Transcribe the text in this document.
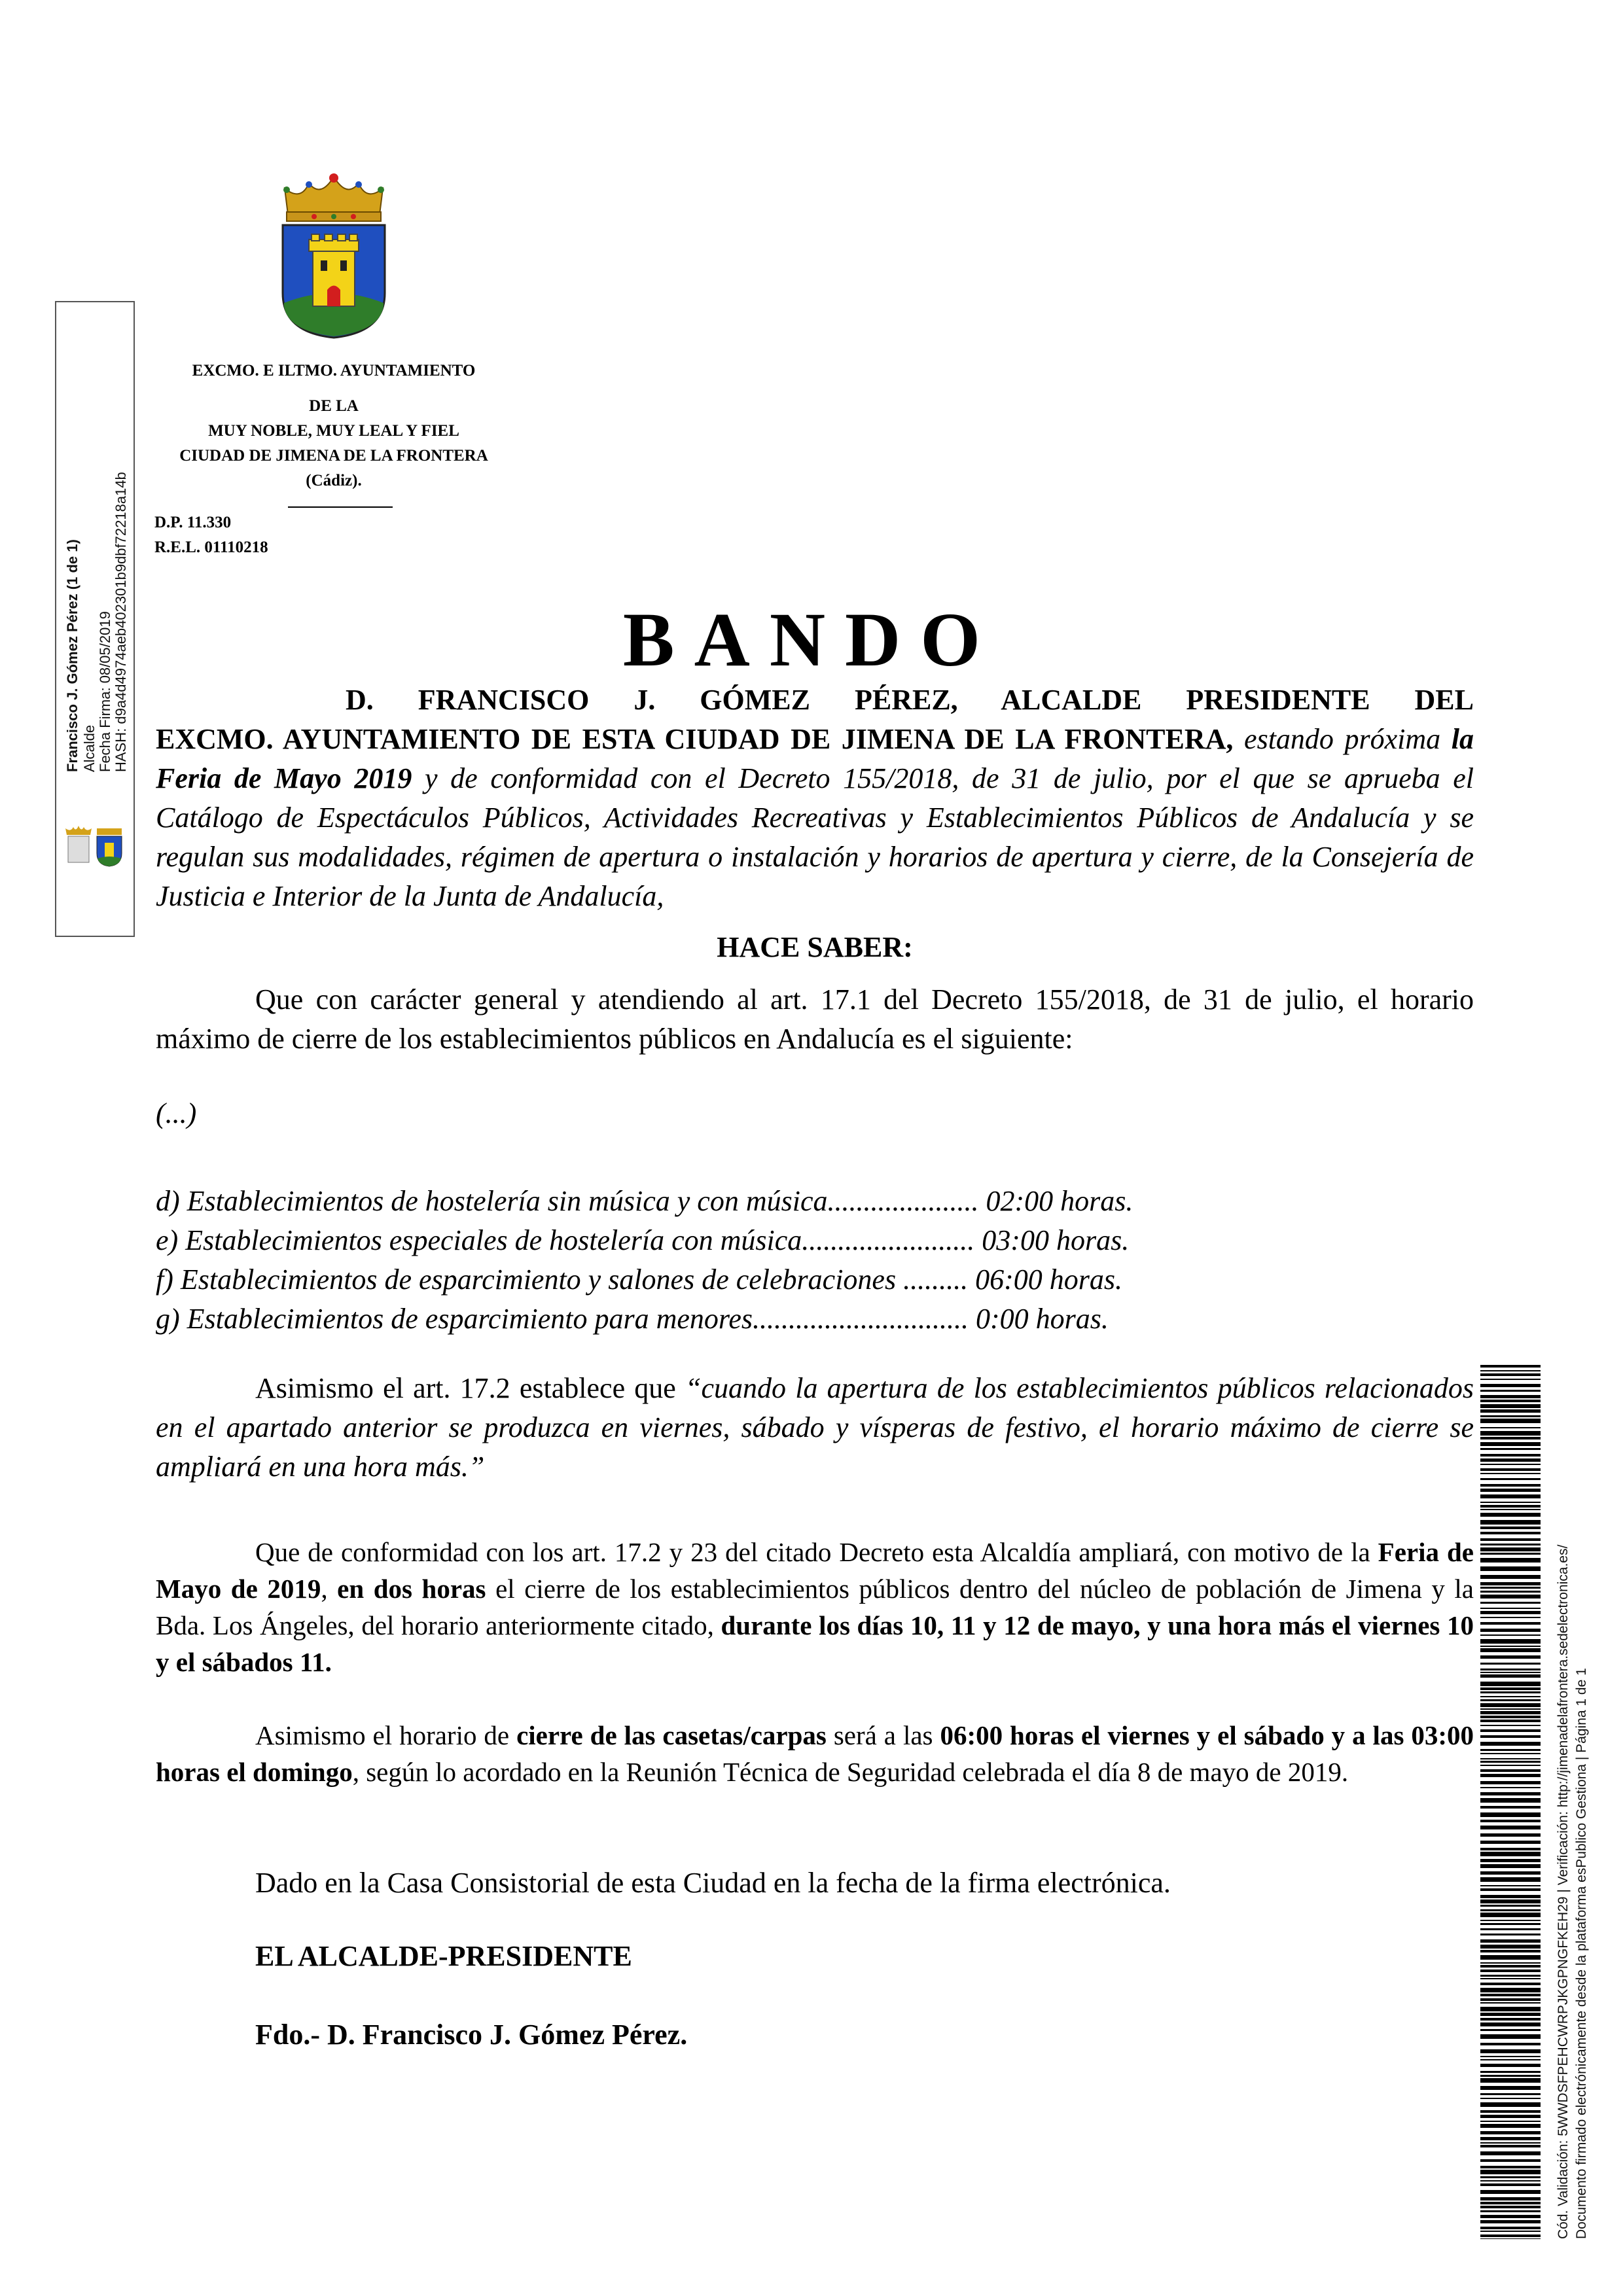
EXCMO. E ILTMO. AYUNTAMIENTO
DE LA
MUY NOBLE, MUY LEAL Y FIEL
CIUDAD DE JIMENA DE LA FRONTERA
(Cádiz).
D.P. 11.330
R.E.L. 01110218
BANDO
D. FRANCISCO J. GÓMEZ PÉREZ, ALCALDE PRESIDENTE DEL
EXCMO. AYUNTAMIENTO DE ESTA CIUDAD DE JIMENA DE LA FRONTERA, estando próxima la Feria de Mayo 2019 y de conformidad con el Decreto 155/2018, de 31 de julio, por el que se aprueba el Catálogo de Espectáculos Públicos, Actividades Recreativas y Establecimientos Públicos de Andalucía y se regulan sus modalidades, régimen de apertura o instalación y horarios de apertura y cierre, de la Consejería de Justicia e Interior de la Junta de Andalucía,
HACE SABER:
Que con carácter general y atendiendo al art. 17.1 del Decreto 155/2018, de 31 de julio, el horario máximo de cierre de los establecimientos públicos en Andalucía es el siguiente:
(...)
d) Establecimientos de hostelería sin música y con música..................... 02:00 horas.
e) Establecimientos especiales de hostelería con música........................ 03:00 horas.
f) Establecimientos de esparcimiento y salones de celebraciones ......... 06:00 horas.
g) Establecimientos de esparcimiento para menores.............................. 0:00 horas.
Asimismo el art. 17.2 establece que “cuando la apertura de los establecimientos públicos relacionados en el apartado anterior se produzca en viernes, sábado y vísperas de festivo, el horario máximo de cierre se ampliará en una hora más.”
Que de conformidad con los art. 17.2 y 23 del citado Decreto esta Alcaldía ampliará, con motivo de la Feria de Mayo de 2019, en dos horas el cierre de los establecimientos públicos dentro del núcleo de población de Jimena y la Bda. Los Ángeles, del horario anteriormente citado, durante los días 10, 11 y 12 de mayo, y una hora más el viernes 10 y el sábados 11.
Asimismo el horario de cierre de las casetas/carpas será a las 06:00 horas el viernes y el sábado y a las 03:00 horas el domingo, según lo acordado en la Reunión Técnica de Seguridad celebrada el día 8 de mayo de 2019.
Dado en la Casa Consistorial de esta Ciudad en la fecha de la firma electrónica.
EL ALCALDE-PRESIDENTE
Fdo.- D. Francisco J. Gómez Pérez.
Francisco J. Gómez Pérez (1 de 1) Alcalde Fecha Firma: 08/05/2019 HASH: d9a4d4974aeb402301b9dbf72218a14b
Cód. Validación: 5WWDSFPEHCWRPJKGPNGFKEH29 | Verificación: http://jimenadelafrontera.sedelectronica.es/ Documento firmado electrónicamente desde la plataforma esPublico Gestiona | Página 1 de 1
